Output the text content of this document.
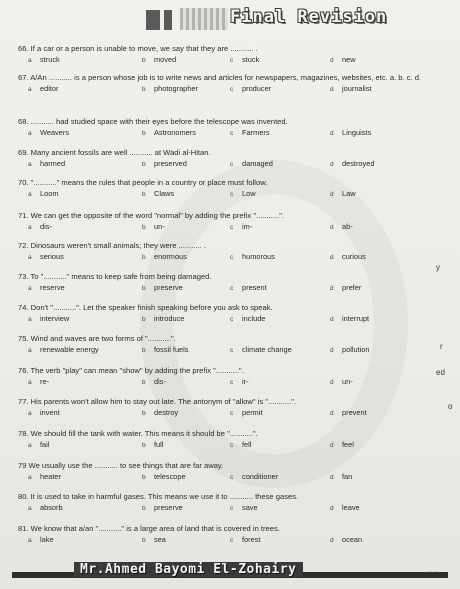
Final Revision
66. If a car or a person is unable to move, we say that they are ........... .
a struck	b moved	c stuck	d new
67. A/An ........... is a person whose job is to write news and articles for newspapers, magazines, websites, etc. a. b. c. d.
a editor	b photographer	c producer	d journalist
68. ........... had studied space with their eyes before the telescope was invented.
a Weavers	b Astronomers	c Farmers	d Linguists
69. Many ancient fossils are well ........... at Wadi al-Hitan.
a harmed	b preserved	c damaged	d destroyed
70. "..........." means the rules that people in a country or place must follow.
a Loom	b Claws	c Low	d Law
71. We can get the opposite of the word "normal" by adding the prefix "...........".
a dis-	b un-	c im-	d ab-
72. Dinosaurs weren't small animals; they were ........... .
a serious	b enormous	c humorous	d curious
73. To "..........." means to keep safe from being damaged.
a reserve	b preserve	c present	d prefer
74. Don't "...........". Let the speaker finish speaking before you ask to speak.
a interview	b introduce	c include	d interrupt
75. Wind and waves are two forms of "...........".
a renewable energy	b fossil fuels	c climate change	d pollution
76. The verb "play" can mean "show" by adding the prefix "...........".
a re-	b dis-	c ir-	d un-
77. His parents won't allow him to stay out late. The antonym of "allow" is "...........".
a invent	b destroy	c permit	d prevent
78. We should fill the tank with water. This means it should be "...........".
a fail	b full	c fell	d feel
79 We usually use the ........... to see things that are far away.
a heater	b telescope	c conditioner	d fan
80. It is used to take in harmful gases. This means we use it to ........... these gases.
a absorb	b preserve	c save	d leave
81. We know that a/an "..........." is a large area of land that is covered in trees.
a lake	b sea	c forest	d ocean
y
r
ed
o
Mr.Ahmed Bayomi El-Zohairy	••
